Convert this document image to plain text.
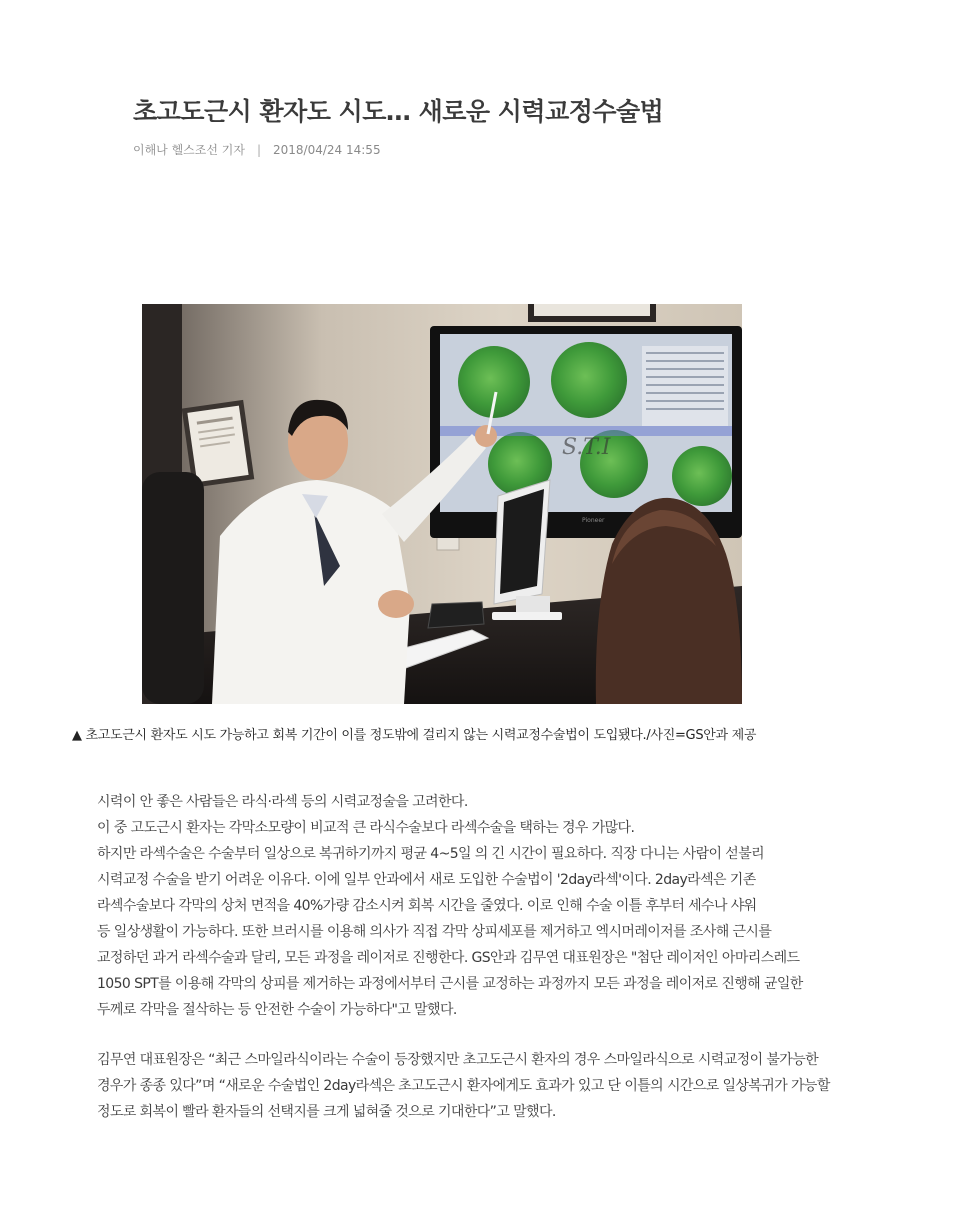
초고도근시 환자도 시도… 새로운 시력교정수술법
이해나 헬스조선 기자 | 2018/04/24 14:55
S.T.I
Pioneer
▲ 초고도근시 환자도 시도 가능하고 회복 기간이 이를 정도밖에 걸리지 않는 시력교정수술법이 도입됐다./사진=GS안과 제공

시력이 안 좋은 사람들은 라식·라섹 등의 시력교정술을 고려한다.
이 중 고도근시 환자는 각막소모량이 비교적 큰 라식수술보다 라섹수술을 택하는 경우 가많다.
하지만 라섹수술은 수술부터 일상으로 복귀하기까지 평균 4~5일 의 긴 시간이 필요하다. 직장 다니는 사람이 섣불리
시력교정 수술을 받기 어려운 이유다. 이에 일부 안과에서 새로 도입한 수술법이 '2day라섹'이다. 2day라섹은 기존
라섹수술보다 각막의 상처 면적을 40%가량 감소시켜 회복 시간을 줄였다. 이로 인해 수술 이틀 후부터 세수나 샤워
등 일상생활이 가능하다. 또한 브러시를 이용해 의사가 직접 각막 상피세포를 제거하고 엑시머레이저를 조사해 근시를
교정하던 과거 라섹수술과 달리, 모든 과정을 레이저로 진행한다. GS안과 김무연 대표원장은 "첨단 레이저인 아마리스레드
1050 SPT를 이용해 각막의 상피를 제거하는 과정에서부터 근시를 교정하는 과정까지 모든 과정을 레이저로 진행해 균일한
두께로 각막을 절삭하는 등 안전한 수술이 가능하다"고 말했다.

김무연 대표원장은 “최근 스마일라식이라는 수술이 등장했지만 초고도근시 환자의 경우 스마일라식으로 시력교정이 불가능한
경우가 종종 있다”며 “새로운 수술법인 2day라섹은 초고도근시 환자에게도 효과가 있고 단 이틀의 시간으로 일상복귀가 가능할
정도로 회복이 빨라 환자들의 선택지를 크게 넓혀줄 것으로 기대한다”고 말했다.
